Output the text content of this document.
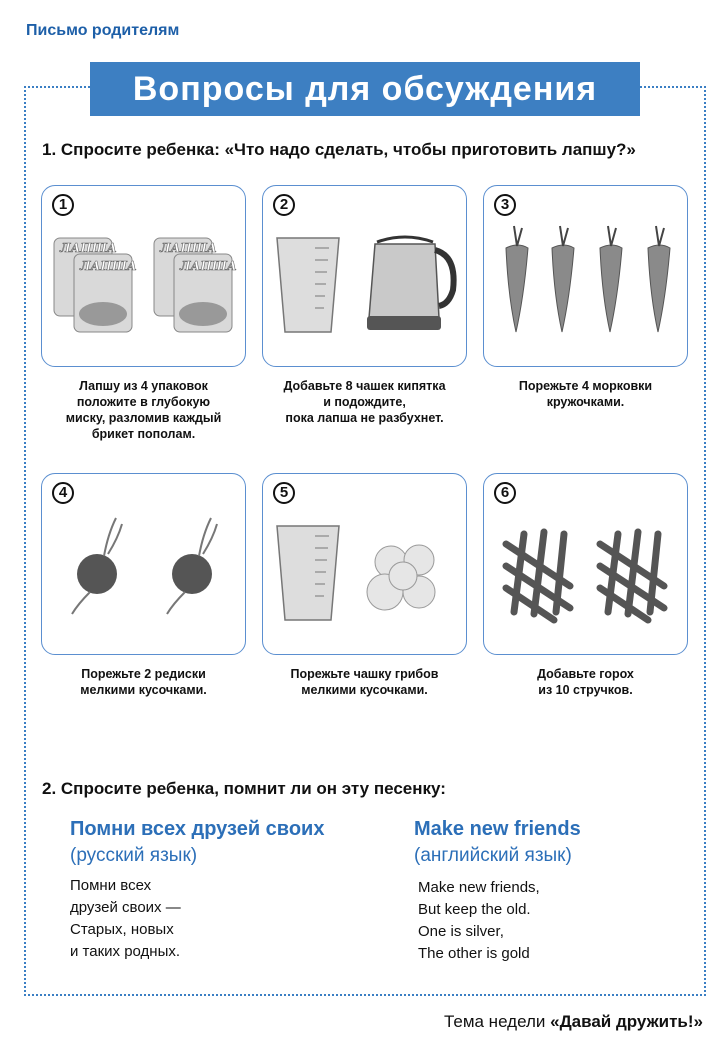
Письмо родителям
Вопросы для обсуждения
1. Спросите ребенка: «Что надо сделать, чтобы приготовить лапшу?»
1
ЛАПША
ЛАПША
ЛАПША
ЛАПША
Лапшу из 4 упаковок
положите в глубокую
миску, разломив каждый
брикет пополам.
2
Добавьте 8 чашек кипятка
и подождите,
пока лапша не разбухнет.
3
Порежьте 4 морковки
кружочками.
4
Порежьте 2 редиски
мелкими кусочками.
5
Порежьте чашку грибов
мелкими кусочками.
6
Добавьте горох
из 10 стручков.
2. Спросите ребенка, помнит ли он эту песенку:
Помни всех друзей своих
(русский язык)
Помни всех
друзей своих —
Старых, новых
и таких родных.
Make new friends
(английский язык)
Make new friends,
But keep the old.
One is silver,
The other is gold
Тема недели «Давай дружить!»
